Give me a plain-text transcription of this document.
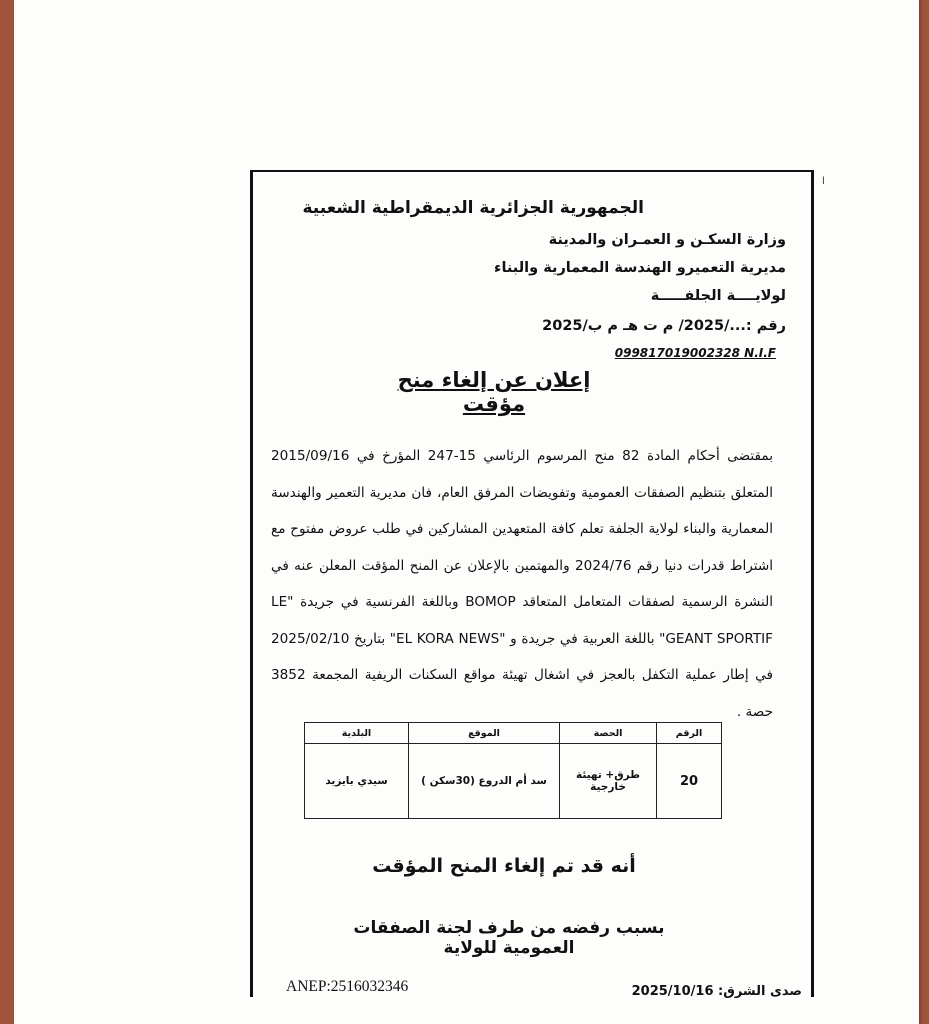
ا
الجمهورية الجزائرية الديمقراطية الشعبية
وزارة السكـن و العمـران والمدينة
مديرية التعميرو الهندسة المعمارية والبناء
لولايــــة الجلفـــــة
رقم :...‏/2025/ م ت هـ م ب/2025
099817019002328 N.I.F
إعلان عن إلغاء منح مؤقت

بمقتضى أحكام المادة 82 منح المرسوم الرئاسي 15-247 المؤرخ في 2015/09/16 المتعلق بتنظيم الصفقات العمومية وتفويضات المرفق العام، فان مديرية التعمير والهندسة المعمارية والبناء لولاية الجلفة تعلم كافة المتعهدين المشاركين في طلب عروض مفتوح مع اشتراط قدرات دنيا رقم 2024/76 والمهتمين بالإعلان عن المنح المؤقت المعلن عنه في النشرة الرسمية لصفقات المتعامل المتعاقد BOMOP وباللغة الفرنسية في جريدة "LE GEANT SPORTIF" باللغة العربية في جريدة و "EL KORA NEWS" بتاريخ 2025/02/10 في إطار عملية التكفل بالعجز في اشغال تهيئة مواقع السكنات الريفية المجمعة 3852 حصة .

الرقم	الحصة	الموقع	البلدية
20	طرق+ تهيئة خارجية	سد أم الدروع (30سكن )	سيدي بايزيد
أنه قد تم إلغاء المنح المؤقت
بسبب رفضه من طرف لجنة الصفقات العمومية للولاية
ANEP:2516032346	صدى الشرق: 2025/10/16
